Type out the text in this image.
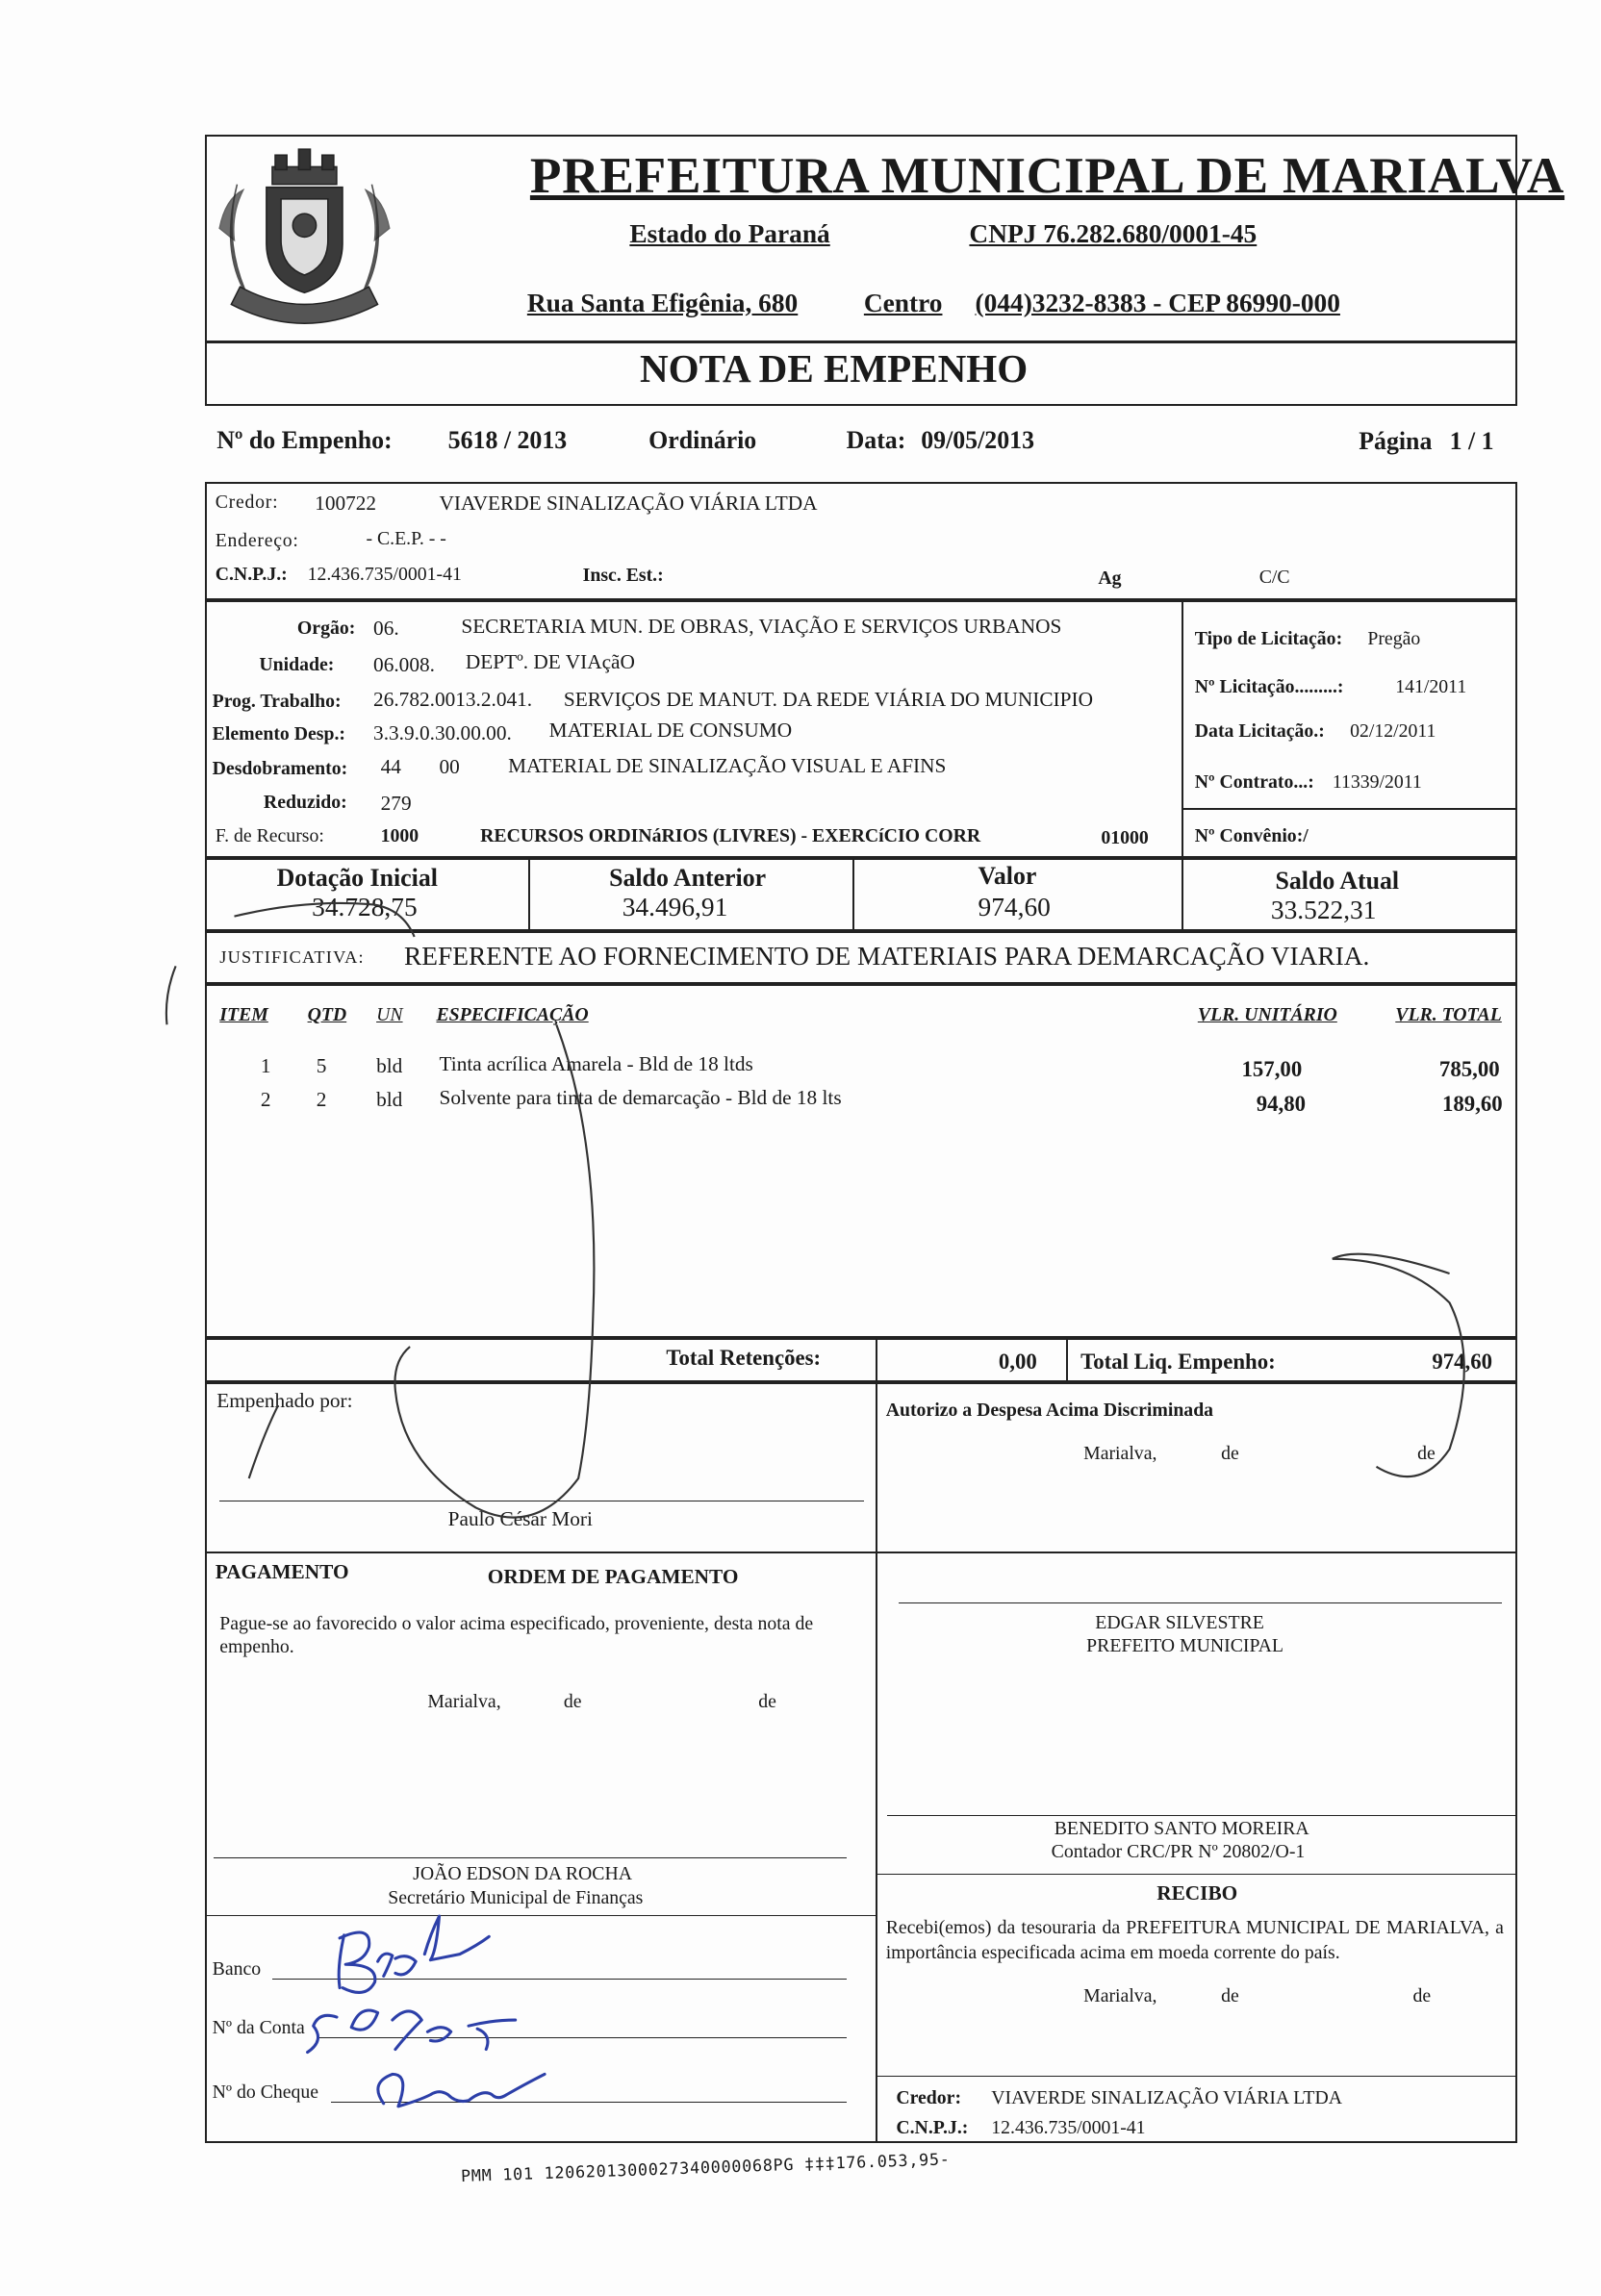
PREFEITURA MUNICIPAL DE MARIALVA
Estado do Paraná	CNPJ 76.282.680/0001-45
Rua Santa Efigênia, 680	Centro (044)3232-8383 - CEP 86990-000
NOTA DE EMPENHO
Nº do Empenho:	5618 / 2013	Ordinário	Data: 09/05/2013	Página 1 / 1
Credor:	100722	VIAVERDE SINALIZAÇÃO VIÁRIA LTDA
Endereço:	- C.E.P. - -
C.N.P.J.: 12.436.735/0001-41	Insc. Est.:	Ag	C/C
Orgão: 06.	SECRETARIA MUN. DE OBRAS, VIAÇÃO E SERVIÇOS URBANOS
Unidade:	06.008. DEPTº. DE VIAçãO
Prog. Trabalho: 26.782.0013.2.041. SERVIÇOS DE MANUT. DA REDE VIÁRIA DO MUNICIPIO
Elemento Desp.: 3.3.9.0.30.00.00.	MATERIAL DE CONSUMO
Desdobramento: 44	00	MATERIAL DE SINALIZAÇÃO VISUAL E AFINS
Reduzido: 279
F. de Recurso:	1000	RECURSOS ORDINáRIOS (LIVRES) - EXERCíCIO CORR	01000
Tipo de Licitação: Pregão
Nº Licitação.........:	141/2011
Data Licitação.: 02/12/2011
Nº Contrato...: 11339/2011
Nº Convênio:/
Dotação Inicial
34.728,75
Saldo Anterior
34.496,91
Valor
974,60
Saldo Atual
33.522,31
JUSTIFICATIVA: REFERENTE AO FORNECIMENTO DE MATERIAIS PARA DEMARCAÇÃO VIARIA.
ITEM	QTD UN	ESPECIFICAÇÃO	VLR. UNITÁRIO	VLR. TOTAL
1	5	bld	Tinta acrílica Amarela - Bld de 18 ltds	157,00	785,00
2	2	bld	Solvente para tinta de demarcação - Bld de 18 lts	94,80	189,60
Total Retenções:	0,00	Total Liq. Empenho:	974,60
Empenhado por:
Paulo César Mori
Autorizo a Despesa Acima Discriminada
Marialva,	de	de
PAGAMENTO	ORDEM DE PAGAMENTO
Pague-se ao favorecido o valor acima especificado, proveniente, desta nota de empenho.
Marialva,	de	de
EDGAR SILVESTRE
PREFEITO MUNICIPAL
BENEDITO SANTO MOREIRA
Contador CRC/PR Nº 20802/O-1
RECIBO
Recebi(emos) da tesouraria da PREFEITURA MUNICIPAL DE MARIALVA, a importância especificada acima em moeda corrente do país.
Marialva,	de	de
JOÃO EDSON DA ROCHA
Secretário Municipal de Finanças
Banco
Nº da Conta
Nº do Cheque	Credor: VIAVERDE SINALIZAÇÃO VIÁRIA LTDA
C.N.P.J.: 12.436.735/0001-41
PMM 101 1206201300027340000068PG ‡‡‡176.053,95-
